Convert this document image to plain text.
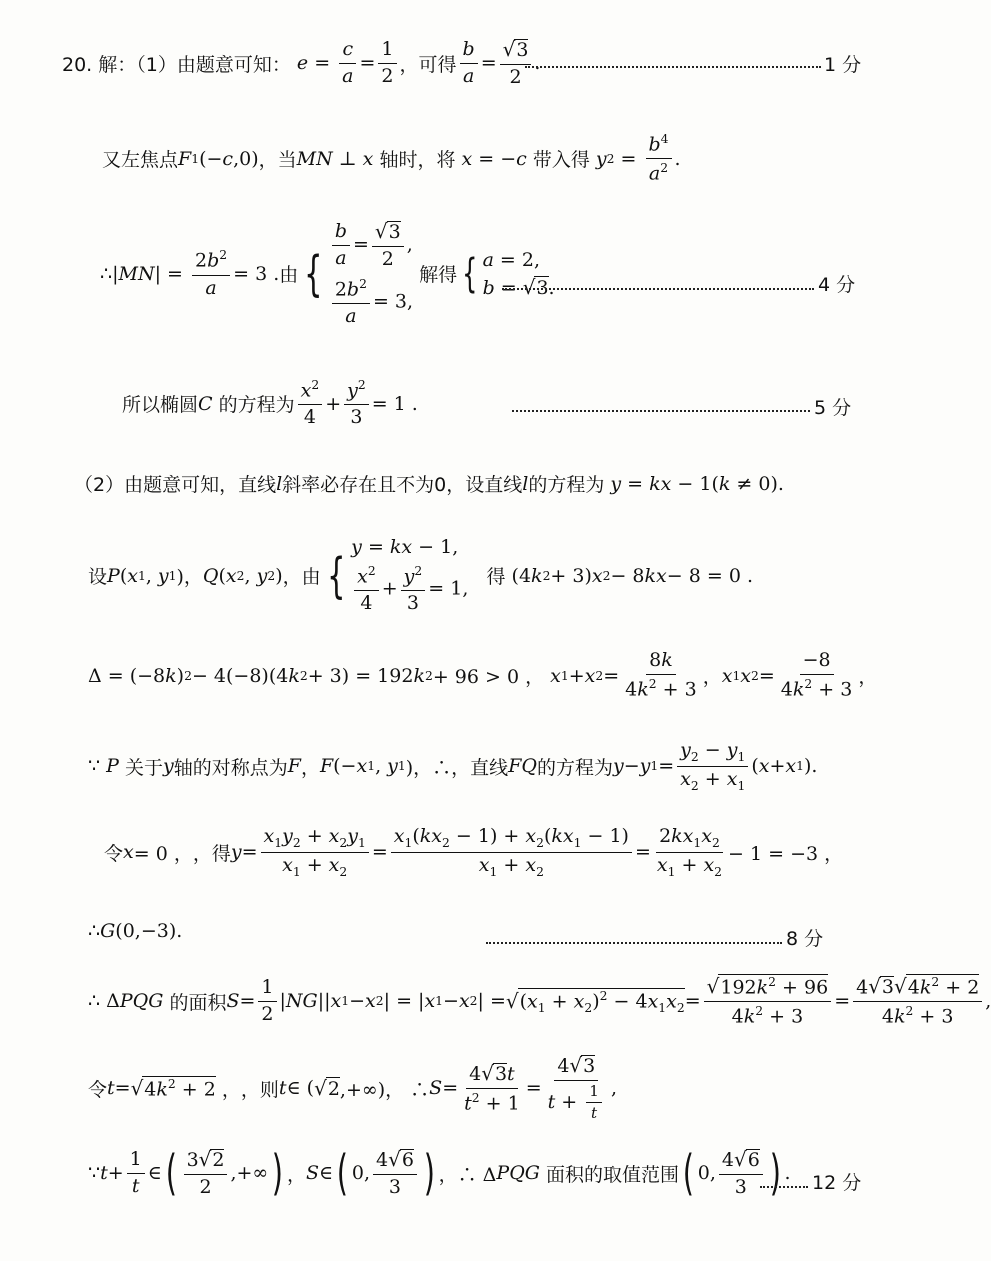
20. 解：（1）由题意可知： $e = \frac{c}{a} = \frac{1}{2}$ ，可得 $\frac{b}{a} = \frac{√3}{2}$ .	1 分
又左焦点 F 1 (− c ,0) ，当 MN ⊥ x
轴时，将 x = − c
带入得 y $2 = \frac{b^4}{a^2}$ .
∴| MN | = $\frac{2b^2}{a} = 3$ . 由 {
$\frac{b}{a} = \frac{√3}{2}$ ,
$\frac{2b^2}{a} = 3$,

解得 { a = 2,
b = √3.	4 分
所以椭圆 C
的方程为 $\frac{x^2}{4} + \frac{y^2}{3} = 1$ .	5 分
（2）由题意可知，直线 l 斜率必存在且不为0，设直线 l 的方程为 y = kx − 1( k ≠ 0).
设 P ( x 1 , y 1 )， Q ( x 2 , y 2 ) ，由 {
y = kx − 1,
$\frac{x^2}{4} + \frac{y^2}{3} = 1$,

得 (4 k 2 + 3) x 2 − 8 kx − 8 = 0 .
Δ = (−8 k ) 2 − 4(−8)(4 k 2 + 3) = 192 k 2 + 96 > 0 ， x 1 + x $2 = \frac{8k}{4k^2 + 3}$ ， x 1 x $2 = \frac{-8}{4k^2 + 3}$ ，
∵ P
关于 y 轴的对称点为 F ， F (− x 1 , y 1 )，∴ ，直线 FQ 的方程为 y − y $1 = \frac{y_2 - y_1}{x_2 + x_1}$ ( x + x 1 ).
令 x = 0 ， ，得 $y = \frac{x_1y_2 + x_2y_1}{x_1 + x_2} = \frac{x_1(kx_2 - 1) + x_2(kx_1 - 1)}{x_1 + x_2} = \frac{2kx_1x_2}{x_1 + x_2} - 1 = -3$ ，
∴ G (0,−3).	8 分
∴ Δ PQG
的面积 $S = \frac{1}{2}$ | NG || x 1 − x 2 | = | x 1 − x 2 | = √ $(x_1 + x_2)^2 - 4x_1x_2 = \frac{√192k^2 + 96}{4k^2 + 3} = \frac{4√3√4k^2 + 2}{4k^2 + 3}$ ,
令 t = √ $4k^2 + 2$ ， ，则 t ∈ ( √ 2 ,+∞)， ∴ $S = \frac{4√3t}{t^2 + 1} = \frac{4√3}{t + \frac{1}{t}}$ ,
∵ $t + \frac{1}{t}$ ∈ ( $\frac{3√2}{2}$ ,+∞ ) ， S ∈ ( 0, $\frac{4√6}{3}$ ) ，∴ Δ PQG
面积的取值范围 ( 0, $\frac{4√6}{3}$ ) . 12 分
